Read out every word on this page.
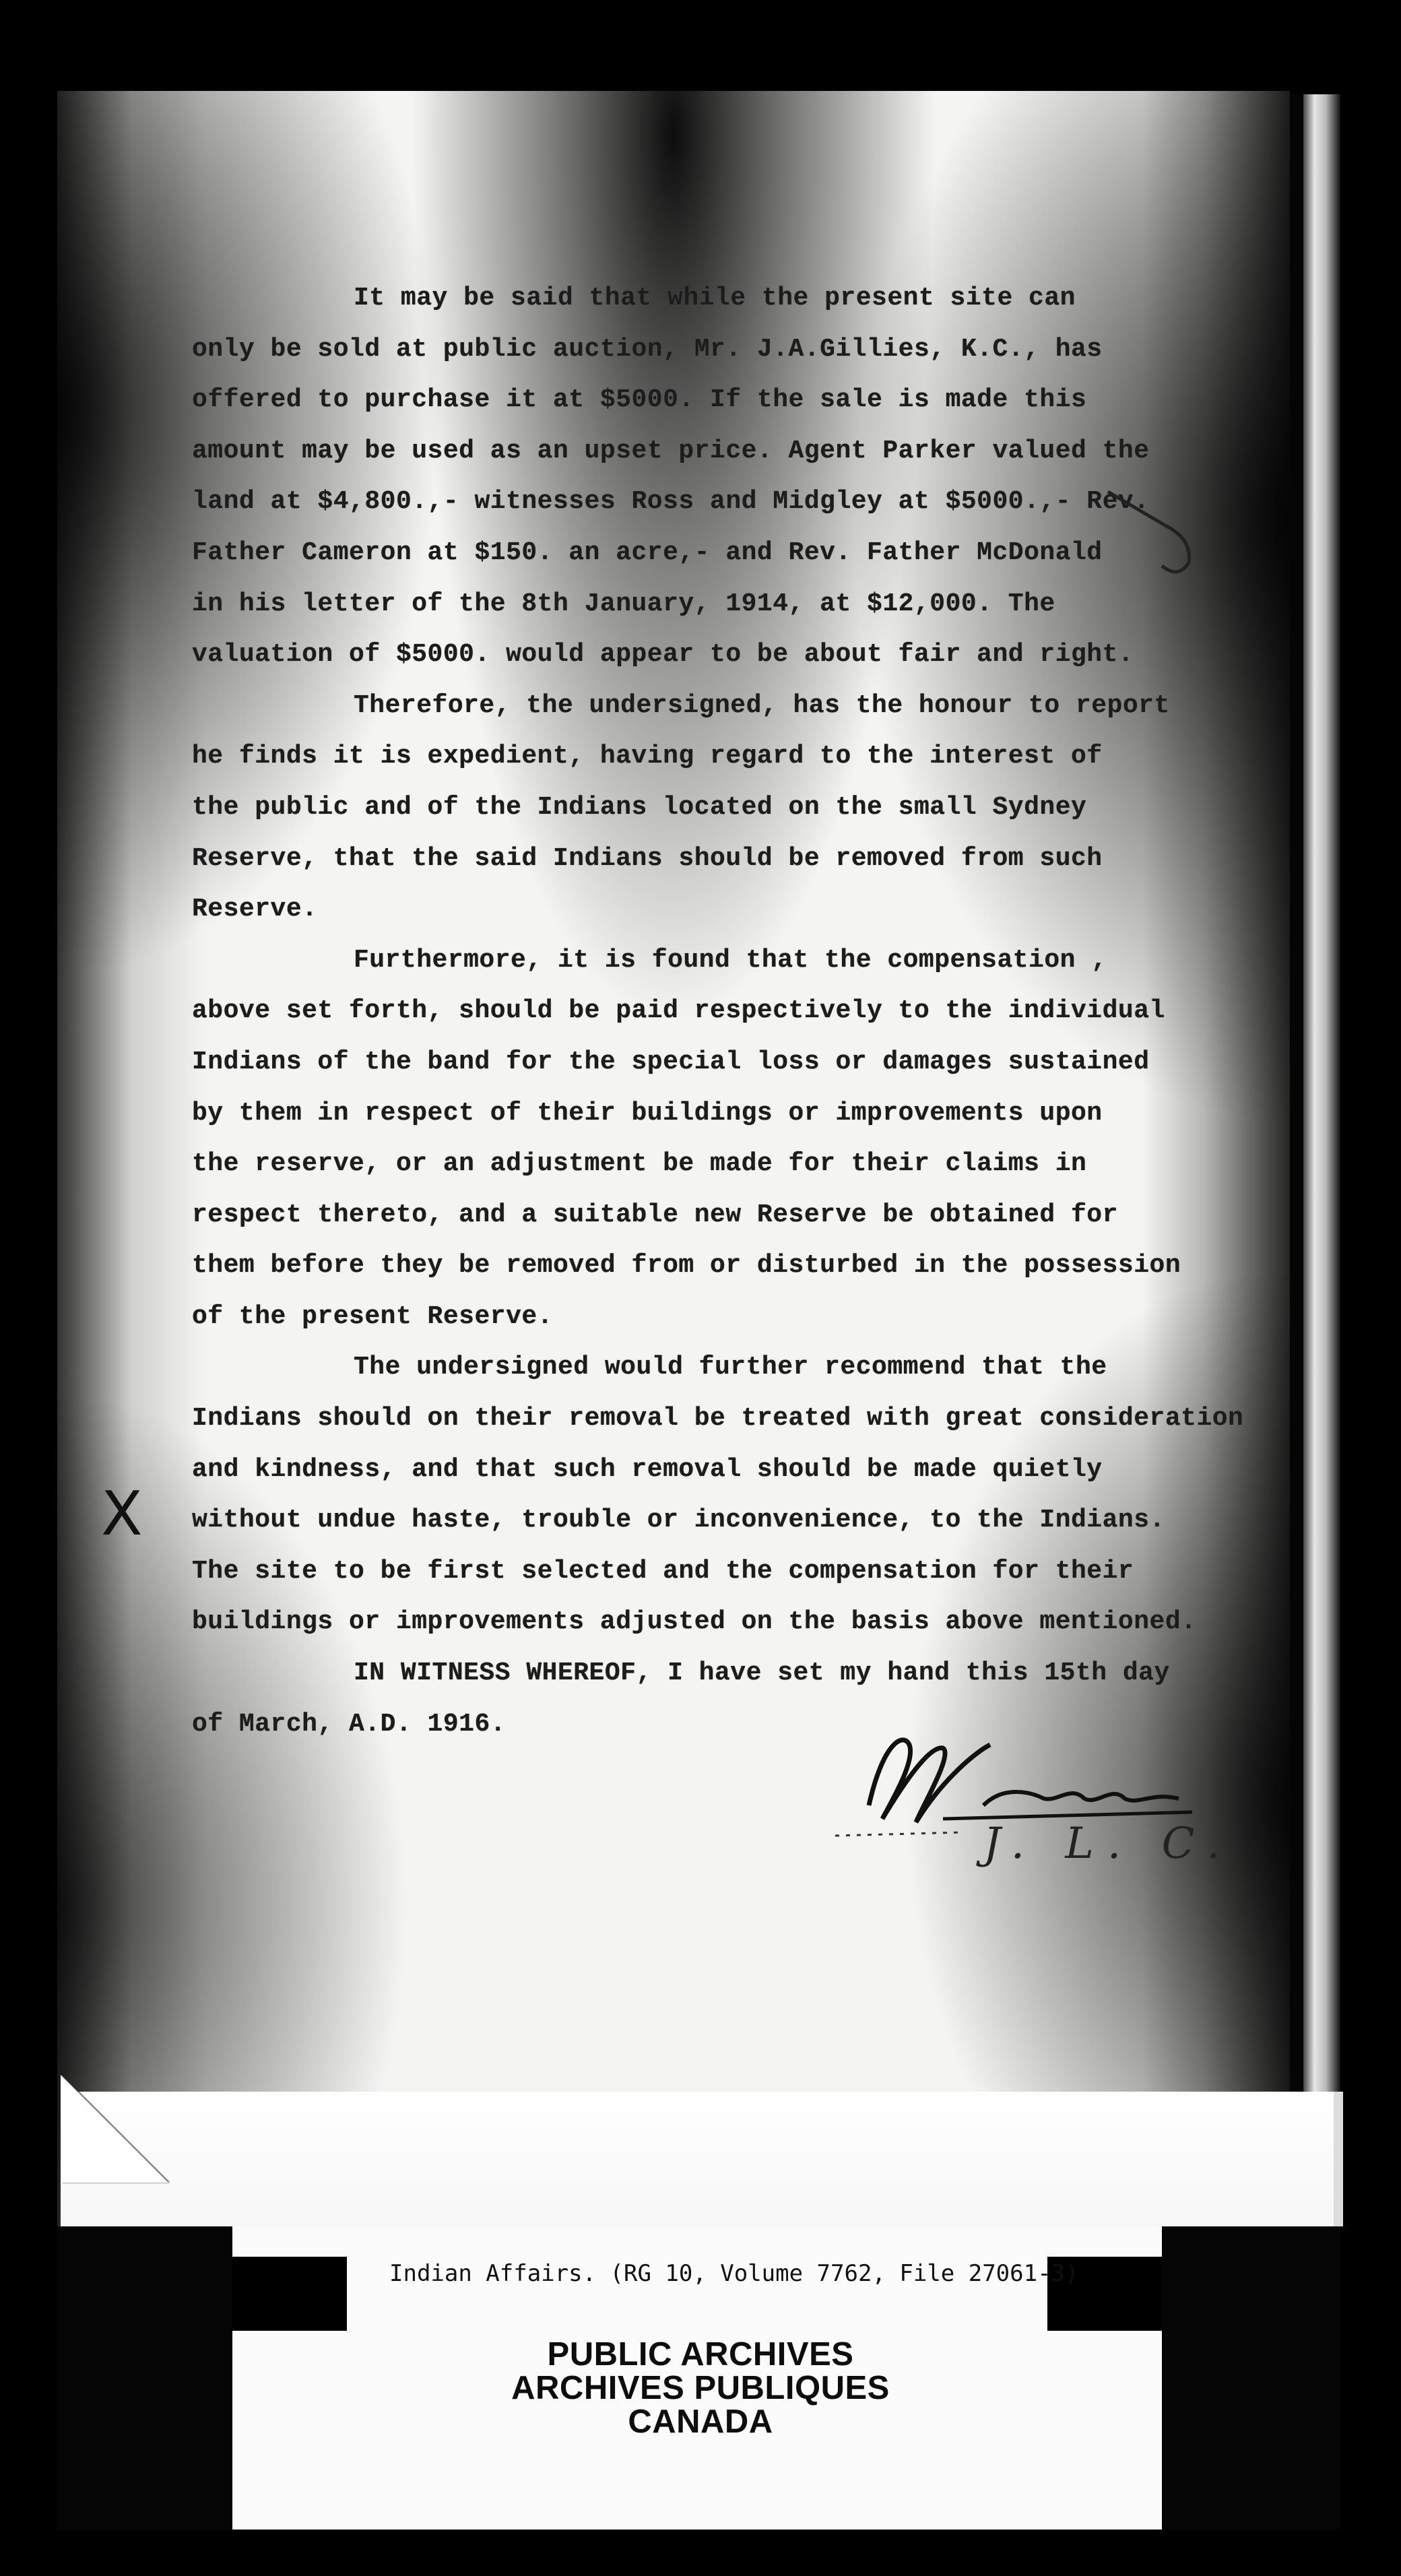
It may be said that while the present site can
only be sold at public auction, Mr. J.A.Gillies, K.C., has
offered to purchase it at $5000. If the sale is made this
amount may be used as an upset price. Agent Parker valued the
land at $4,800.,- witnesses Ross and Midgley at $5000.,- Rev.
Father Cameron at $150. an acre,- and Rev. Father McDonald
in his letter of the 8th January, 1914, at $12,000. The
valuation of $5000. would appear to be about fair and right.
Therefore, the undersigned, has the honour to report
he finds it is expedient, having regard to the interest of
the public and of the Indians located on the small Sydney
Reserve, that the said Indians should be removed from such
Reserve.
Furthermore, it is found that the compensation ,
above set forth, should be paid respectively to the individual
Indians of the band for the special loss or damages sustained
by them in respect of their buildings or improvements upon
the reserve, or an adjustment be made for their claims in
respect thereto, and a suitable new Reserve be obtained for
them before they be removed from or disturbed in the possession
of the present Reserve.
The undersigned would further recommend that the
Indians should on their removal be treated with great consideration
and kindness, and that such removal should be made quietly
without undue haste, trouble or inconvenience, to the Indians.
The site to be first selected and the compensation for their
buildings or improvements adjusted on the basis above mentioned.
IN WITNESS WHEREOF, I have set my hand this 15th day
of March, A.D. 1916.
X
J. L. C.
Indian Affairs. (RG 10, Volume 7762, File 27061-3)
PUBLIC ARCHIVES
ARCHIVES PUBLIQUES
CANADA
